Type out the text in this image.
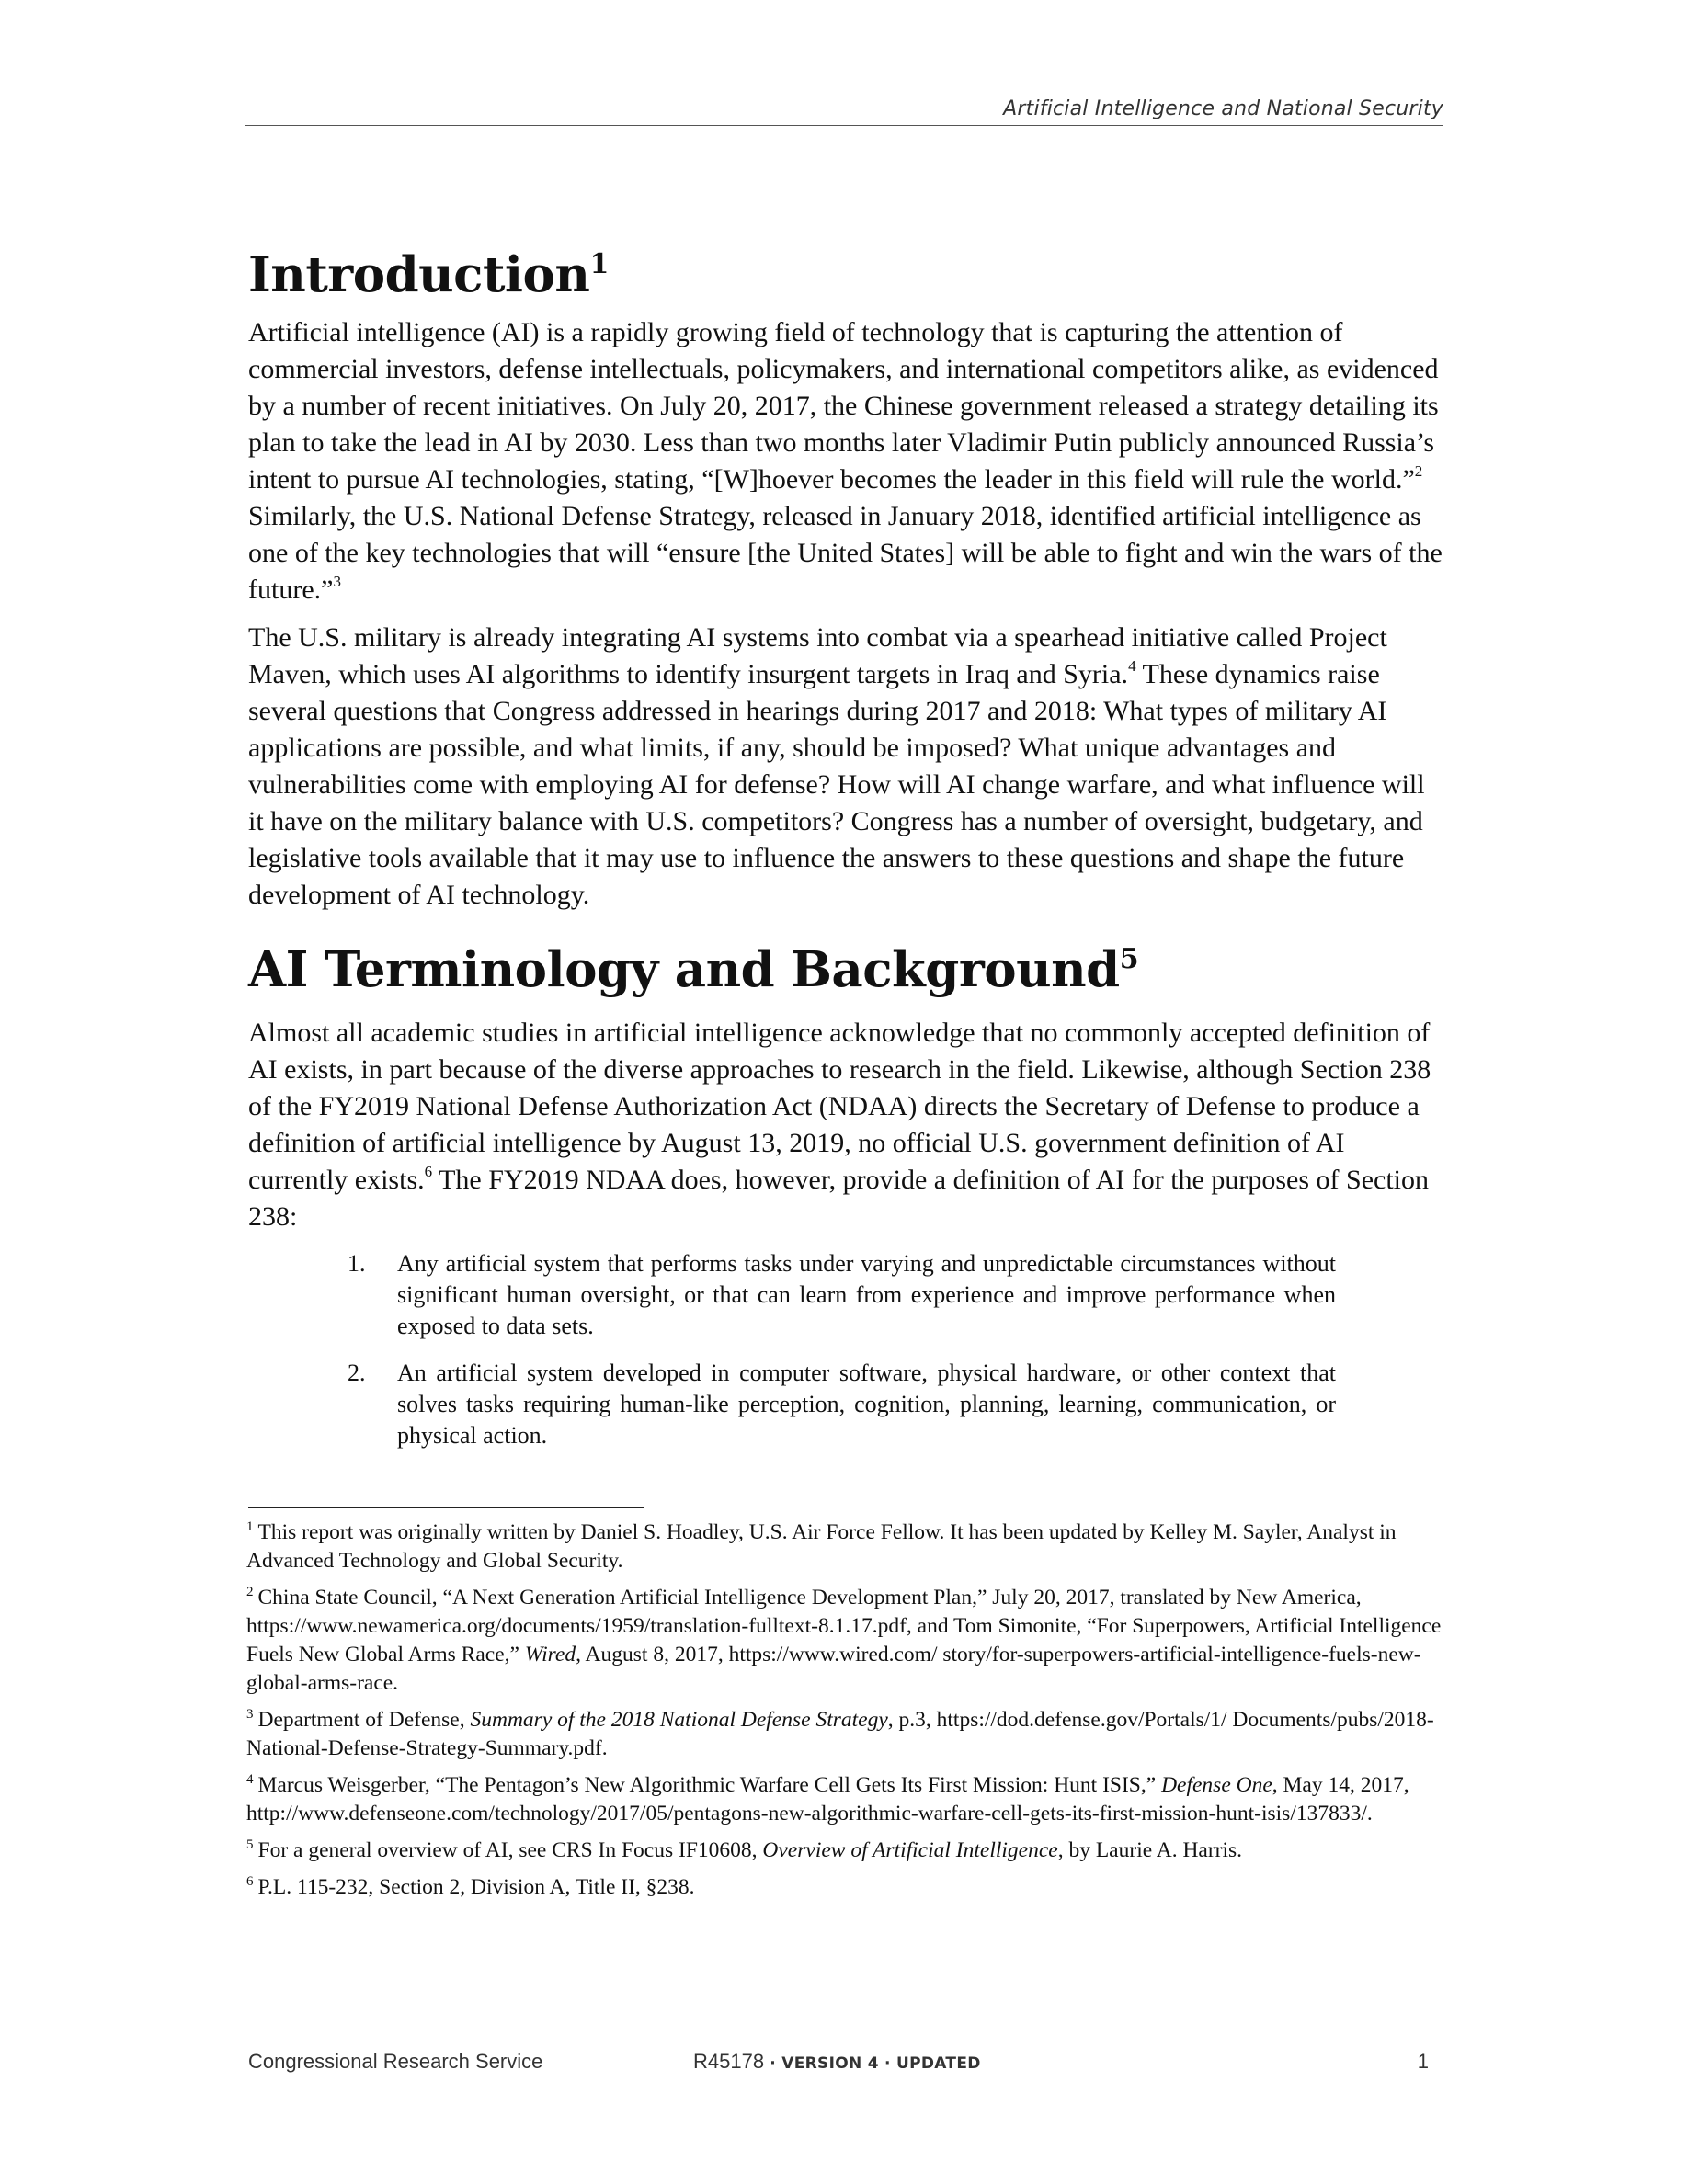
Artificial Intelligence and National Security
Introduction$^1$

Artificial intelligence (AI) is a rapidly growing field of technology that is capturing the attention of commercial investors, defense intellectuals, policymakers, and international competitors alike, as evidenced by a number of recent initiatives. On July 20, 2017, the Chinese government released a strategy detailing its plan to take the lead in AI by 2030. Less than two months later Vladimir Putin publicly announced Russia’s intent to pursue AI technologies, stating, “[W]hoever becomes the leader in this field will rule the world.”$^2$ Similarly, the U.S. National Defense Strategy, released in January 2018, identified artificial intelligence as one of the key technologies that will “ensure [the United States] will be able to fight and win the wars of the future.”$^3$

The U.S. military is already integrating AI systems into combat via a spearhead initiative called Project Maven, which uses AI algorithms to identify insurgent targets in Iraq and Syria.$^4$ These dynamics raise several questions that Congress addressed in hearings during 2017 and 2018: What types of military AI applications are possible, and what limits, if any, should be imposed? What unique advantages and vulnerabilities come with employing AI for defense? How will AI change warfare, and what influence will it have on the military balance with U.S. competitors? Congress has a number of oversight, budgetary, and legislative tools available that it may use to influence the answers to these questions and shape the future development of AI technology.

AI Terminology and Background$^5$

Almost all academic studies in artificial intelligence acknowledge that no commonly accepted definition of AI exists, in part because of the diverse approaches to research in the field. Likewise, although Section 238 of the FY2019 National Defense Authorization Act (NDAA) directs the Secretary of Defense to produce a definition of artificial intelligence by August 13, 2019, no official U.S. government definition of AI currently exists.$^6$ The FY2019 NDAA does, however, provide a definition of AI for the purposes of Section 238:

1. Any artificial system that performs tasks under varying and unpredictable circumstances without significant human oversight, or that can learn from experience and improve performance when exposed to data sets.
2. An artificial system developed in computer software, physical hardware, or other context that solves tasks requiring human-like perception, cognition, planning, learning, communication, or physical action.

$^1$ This report was originally written by Daniel S. Hoadley, U.S. Air Force Fellow. It has been updated by Kelley M. Sayler, Analyst in Advanced Technology and Global Security.

$^2$ China State Council, “A Next Generation Artificial Intelligence Development Plan,” July 20, 2017, translated by New America, https://www.newamerica.org/documents/1959/translation-fulltext-8.1.17.pdf, and Tom Simonite, “For Superpowers, Artificial Intelligence Fuels New Global Arms Race,” Wired, August 8, 2017, https://www.wired.com/ story/for-superpowers-artificial-intelligence-fuels-new-global-arms-race.

$^3$ Department of Defense, Summary of the 2018 National Defense Strategy, p.3, https://dod.defense.gov/Portals/1/ Documents/pubs/2018-National-Defense-Strategy-Summary.pdf.

$^4$ Marcus Weisgerber, “The Pentagon’s New Algorithmic Warfare Cell Gets Its First Mission: Hunt ISIS,” Defense One, May 14, 2017, http://www.defenseone.com/technology/2017/05/pentagons-new-algorithmic-warfare-cell-gets-its-first-mission-hunt-isis/137833/.

$^5$ For a general overview of AI, see CRS In Focus IF10608, Overview of Artificial Intelligence, by Laurie A. Harris.

$^6$ P.L. 115-232, Section 2, Division A, Title II, §238.

Congressional Research Service	R45178 · VERSION 4 · UPDATED	1
